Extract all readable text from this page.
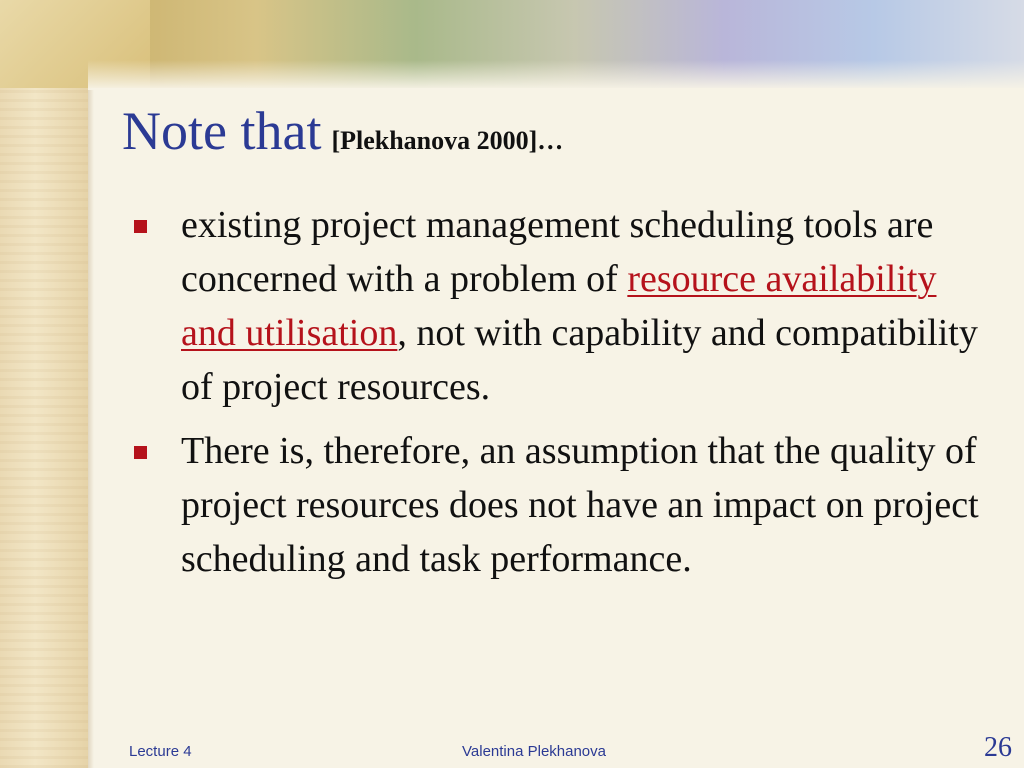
Note that [Plekhanova 2000]…
existing project management scheduling tools are concerned with a problem of resource availability and utilisation, not with capability and compatibility of project resources.
There is, therefore, an assumption that the quality of project resources does not have an impact on project scheduling and task performance.
Lecture 4	Valentina Plekhanova	26
